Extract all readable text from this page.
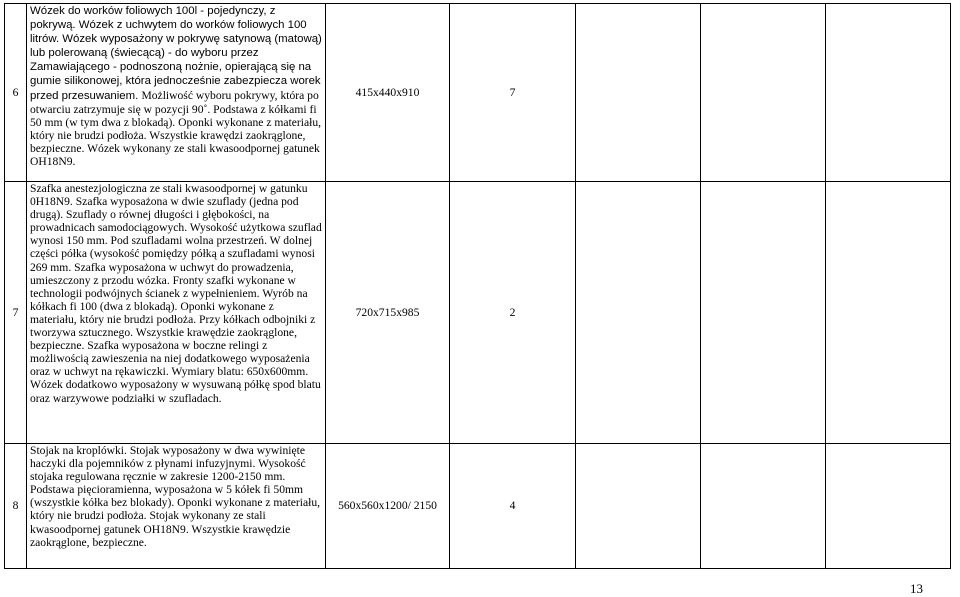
6	Wózek do worków foliowych 100l - pojedynczy, z pokrywą. Wózek z uchwytem do worków foliowych 100 litrów. Wózek wyposażony w pokrywę satynową (matową) lub polerowaną (świecącą) - do wyboru przez Zamawiającego - podnoszoną nożnie, opierającą się na gumie silikonowej, która jednocześnie zabezpiecza worek przed przesuwaniem. Możliwość wyboru pokrywy, która po otwarciu zatrzymuje się w pozycji 90˚. Podstawa z kółkami fi 50 mm (w tym dwa z blokadą). Oponki wykonane z materiału, który nie brudzi podłoża. Wszystkie krawędzi zaokrąglone, bezpieczne. Wózek wykonany ze stali kwasoodpornej gatunek OH18N9.	415x440x910	7			
7	Szafka anestezjologiczna ze stali kwasoodpornej w gatunku 0H18N9. Szafka wyposażona w dwie szuflady (jedna pod drugą). Szuflady o równej długości i głębokości, na prowadnicach samodociągowych. Wysokość użytkowa szuflad wynosi 150 mm. Pod szufladami wolna przestrzeń. W dolnej części półka (wysokość pomiędzy półką a szufladami wynosi 269 mm. Szafka wyposażona w uchwyt do prowadzenia, umieszczony z przodu wózka. Fronty szafki wykonane w technologii podwójnych ścianek z wypełnieniem. Wyrób na kółkach fi 100 (dwa z blokadą). Oponki wykonane z materiału, który nie brudzi podłoża. Przy kółkach odbojniki z tworzywa sztucznego. Wszystkie krawędzie zaokrąglone, bezpieczne. Szafka wyposażona w boczne relingi z możliwością zawieszenia na niej dodatkowego wyposażenia oraz w uchwyt na rękawiczki. Wymiary blatu: 650x600mm. Wózek dodatkowo wyposażony w wysuwaną półkę spod blatu oraz warzywowe podziałki w szufladach.	720x715x985	2			
8	Stojak na kroplówki. Stojak wyposażony w dwa wywinięte haczyki dla pojemników z płynami infuzyjnymi. Wysokość stojaka regulowana ręcznie w zakresie 1200-2150 mm. Podstawa pięcioramienna, wyposażona w 5 kółek fi 50mm (wszystkie kółka bez blokady). Oponki wykonane z materiału, który nie brudzi podłoża. Stojak wykonany ze stali kwasoodpornej gatunek OH18N9. Wszystkie krawędzie zaokrąglone, bezpieczne.	560x560x1200/ 2150	4			
13
